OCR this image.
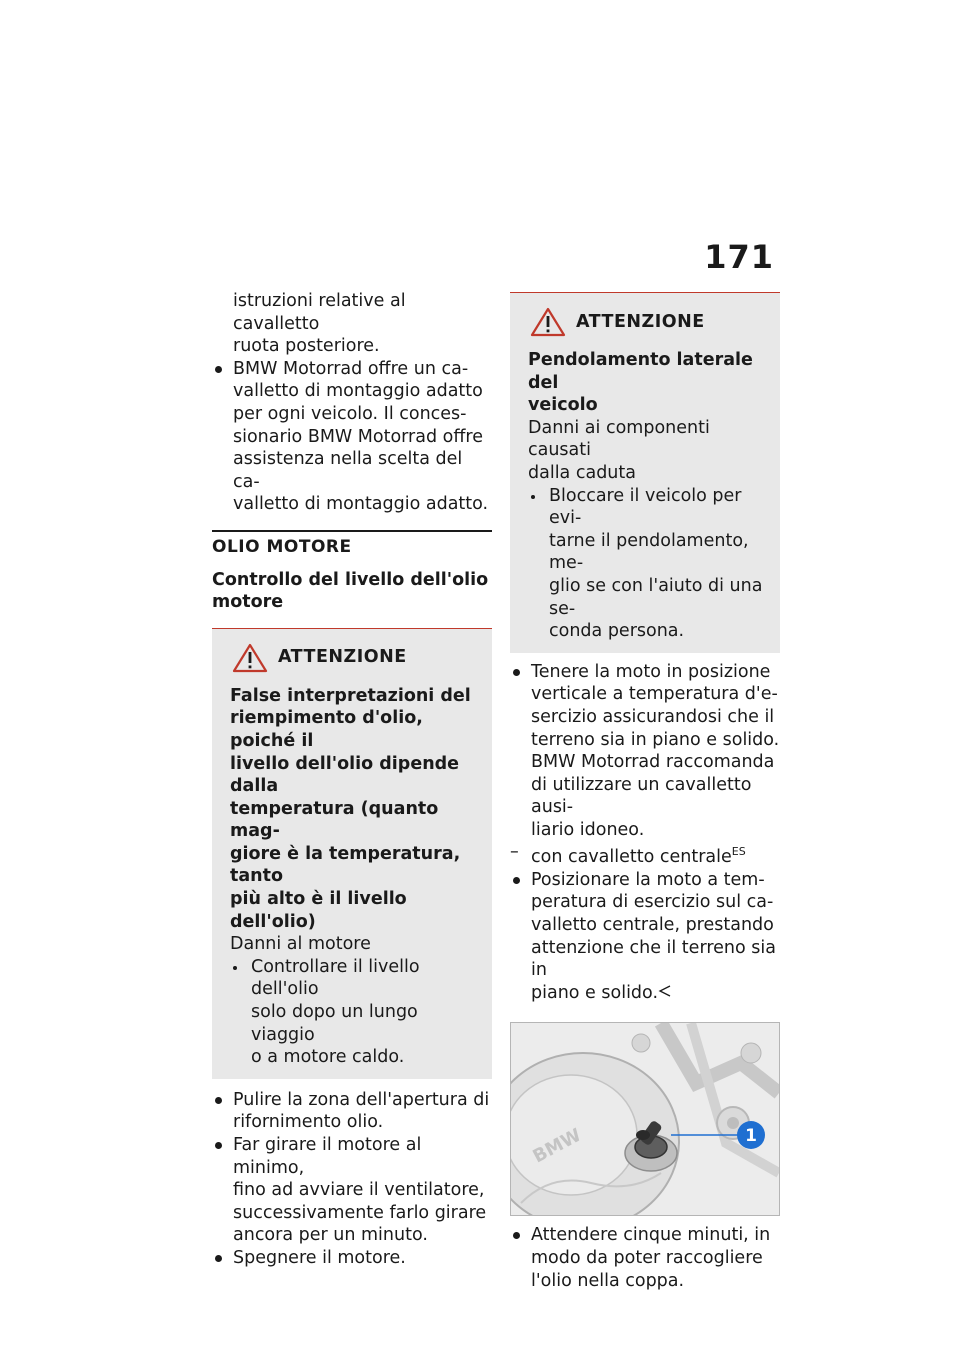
171
istruzioni relative al cavalletto
ruota posteriore.
BMW Motorrad offre un ca-
valletto di montaggio adatto
per ogni veicolo. Il conces-
sionario BMW Motorrad offre
assistenza nella scelta del ca-
valletto di montaggio adatto.
OLIO MOTORE
Controllo del livello dell'olio
motore
ATTENZIONE
False interpretazioni del
riempimento d'olio, poiché il
livello dell'olio dipende dalla
temperatura (quanto mag-
giore è la temperatura, tanto
più alto è il livello dell'olio)
Danni al motore
Controllare il livello dell'olio
solo dopo un lungo viaggio
o a motore caldo.
Pulire la zona dell'apertura di
rifornimento olio.
Far girare il motore al minimo,
fino ad avviare il ventilatore,
successivamente farlo girare
ancora per un minuto.
Spegnere il motore.
ATTENZIONE
Pendolamento laterale del
veicolo
Danni ai componenti causati
dalla caduta
Bloccare il veicolo per evi-
tarne il pendolamento, me-
glio se con l'aiuto di una se-
conda persona.
Tenere la moto in posizione
verticale a temperatura d'e-
sercizio assicurandosi che il
terreno sia in piano e solido.
BMW Motorrad raccomanda
di utilizzare un cavalletto ausi-
liario idoneo.
– con cavalletto centrale$^{ES}$
Posizionare la moto a tem-
peratura di esercizio sul ca-
valletto centrale, prestando
attenzione che il terreno sia in
piano e solido.
BMW	1
Attendere cinque minuti, in
modo da poter raccogliere
l'olio nella coppa.
